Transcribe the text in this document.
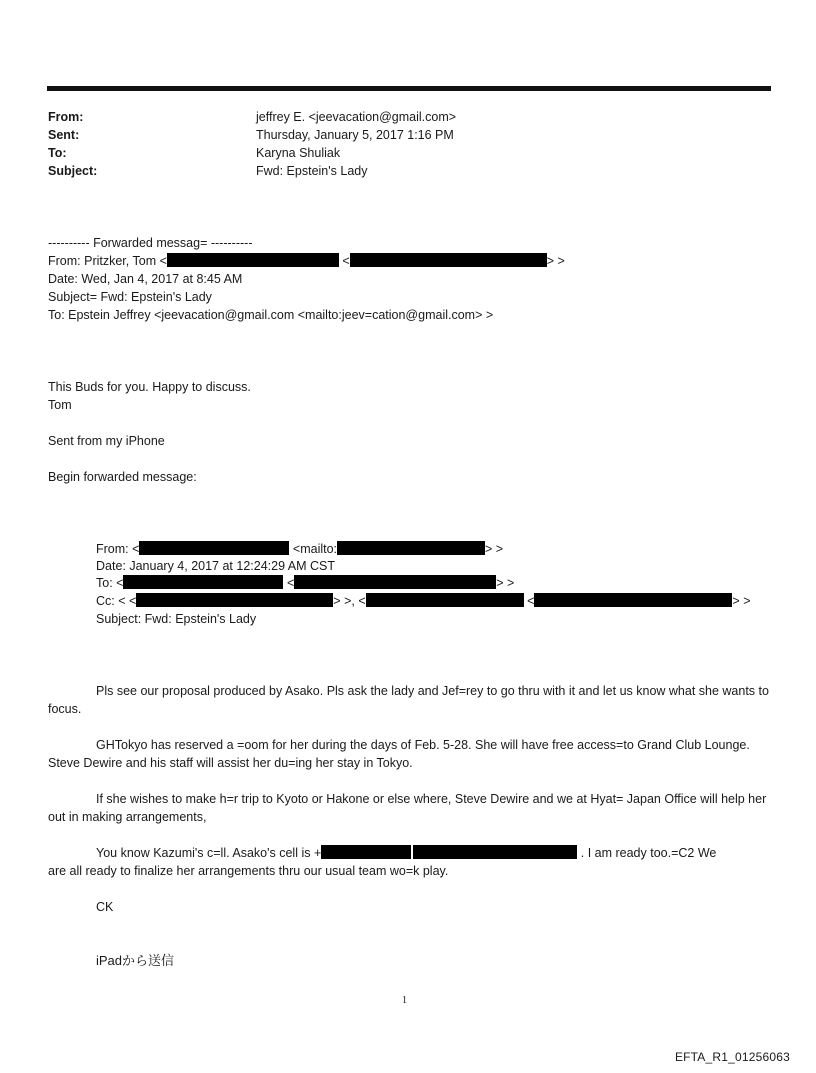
From:	jeffrey E. <jeevacation@gmail.com>
Sent:	Thursday, January 5, 2017 1:16 PM
To:	Karyna Shuliak
Subject:	Fwd: Epstein's Lady
---------- Forwarded messag= ----------
From: Pritzker, Tom <	<	> >
Date: Wed, Jan 4, 2017 at 8:45 AM
Subject= Fwd: Epstein's Lady
To: Epstein Jeffrey <jeevacation@gmail.com <mailto:jeev=cation@gmail.com> >
This Buds for you. Happy to discuss.
Tom
Sent from my iPhone
Begin forwarded message:
From: <	<mailto:	> >
Date: January 4, 2017 at 12:24:29 AM CST
To: <	<	> >
Cc: < <	> >, <	<	> >
Subject: Fwd: Epstein's Lady
Pls see our proposal produced by Asako. Pls ask the lady and Jef=rey to go thru with it and let us know what she wants to focus.
GHTokyo has reserved a =oom for her during the days of Feb. 5-28. She will have free access=to Grand Club Lounge. Steve Dewire and his staff will assist her du=ing her stay in Tokyo.
If she wishes to make h=r trip to Kyoto or Hakone or else where, Steve Dewire and we at Hyat= Japan Office will help her out in making arrangements,
You know Kazumi's c=ll. Asako's cell is +	. I am ready too.=C2 We
are all ready to finalize her arrangements thru our usual team wo=k play.
CK
iPadから送信
1
EFTA_R1_01256063
